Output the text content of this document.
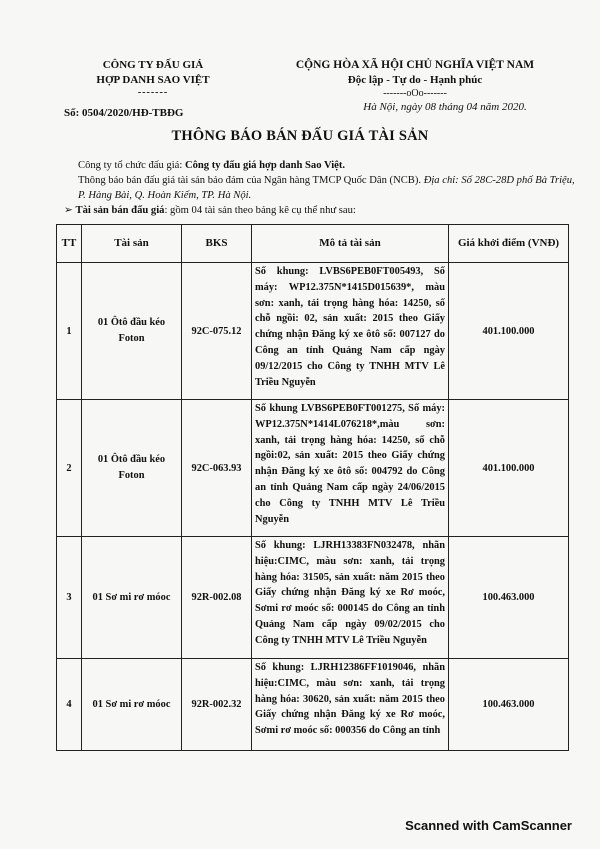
CÔNG TY ĐẤU GIÁ
HỢP DANH SAO VIỆT
-------
Số: 0504/2020/HĐ-TBĐG
CỘNG HÒA XÃ HỘI CHỦ NGHĨA VIỆT NAM
Độc lập - Tự do - Hạnh phúc
-------oOo-------
Hà Nội, ngày 08 tháng 04 năm 2020.
THÔNG BÁO BÁN ĐẤU GIÁ TÀI SẢN

Công ty tổ chức đấu giá: Công ty đấu giá hợp danh Sao Việt.

Thông báo bán đấu giá tài sản bảo đảm của Ngân hàng TMCP Quốc Dân (NCB). Địa chỉ: Số 28C-28D phố Bà Triệu, P. Hàng Bài, Q. Hoàn Kiếm, TP. Hà Nội.

➢ Tài sản bán đấu giá: gồm 04 tài sản theo bảng kê cụ thể như sau:

TT	Tài sản	BKS	Mô tả tài sản	Giá khởi điểm (VNĐ)
1	01 Ôtô đầu kéo Foton	92C-075.12	Số khung: LVBS6PEB0FT005493, Số máy: WP12.375N*1415D015639*, màu sơn: xanh, tải trọng hàng hóa: 14250, số chỗ ngồi: 02, sản xuất: 2015 theo Giấy chứng nhận Đăng ký xe ôtô số: 007127 do Công an tỉnh Quảng Nam cấp ngày 09/12/2015 cho Công ty TNHH MTV Lê Triều Nguyễn	401.100.000
2	01 Ôtô đầu kéo Foton	92C-063.93	Số khung LVBS6PEB0FT001275, Số máy: WP12.375N*1414L076218*,màu sơn: xanh, tải trọng hàng hóa: 14250, số chỗ ngồi:02, sản xuất: 2015 theo Giấy chứng nhận Đăng ký xe ôtô số: 004792 do Công an tỉnh Quảng Nam cấp ngày 24/06/2015 cho Công ty TNHH MTV Lê Triều Nguyễn	401.100.000
3	01 Sơ mi rơ móoc	92R-002.08	Số khung: LJRH13383FN032478, nhãn hiệu:CIMC, màu sơn: xanh, tải trọng hàng hóa: 31505, sản xuất: năm 2015 theo Giấy chứng nhận Đăng ký xe Rơ moóc, Sơmi rơ moóc số: 000145 do Công an tỉnh Quảng Nam cấp ngày 09/02/2015 cho Công ty TNHH MTV Lê Triều Nguyễn	100.463.000
4	01 Sơ mi rơ móoc	92R-002.32	Số khung: LJRH12386FF1019046, nhãn hiệu:CIMC, màu sơn: xanh, tải trọng hàng hóa: 30620, sản xuất: năm 2015 theo Giấy chứng nhận Đăng ký xe Rơ moóc, Sơmi rơ moóc số: 000356 do Công an tỉnh	100.463.000
Scanned with CamScanner
